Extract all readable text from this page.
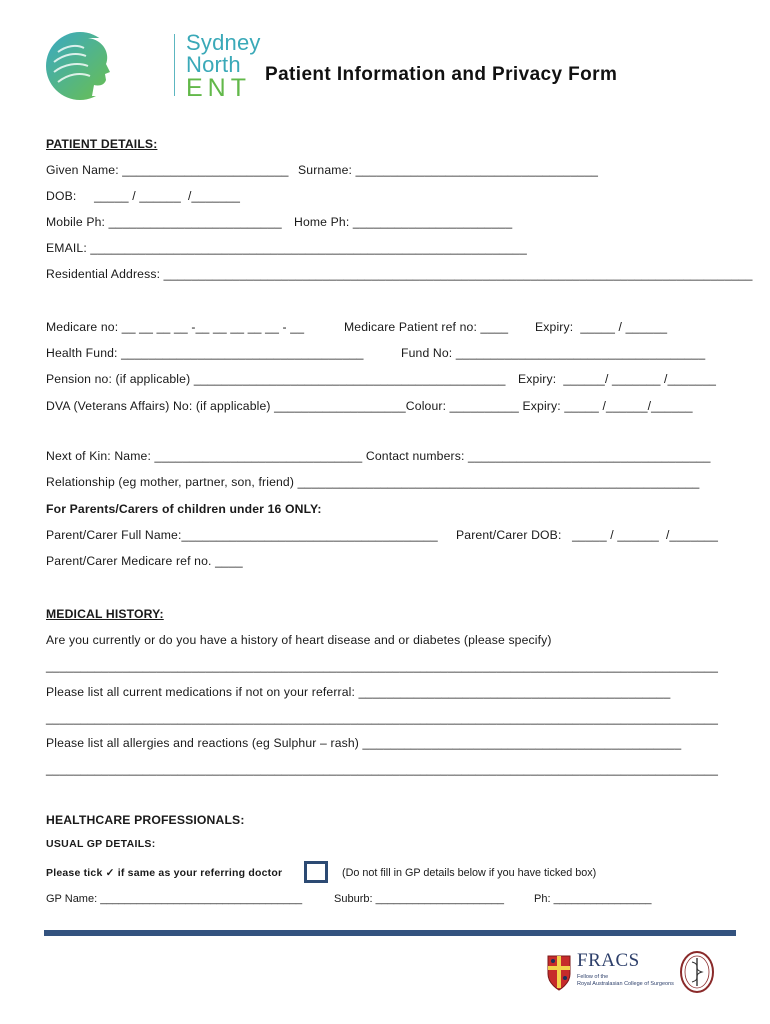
Sydney
North
ENT Patient Information and Privacy Form
PATIENT DETAILS:
Given Name: ________________________ Surname: ___________________________________
DOB:     _____ / ______  /_______
Mobile Ph: _________________________ Home Ph: _______________________
EMAIL: _______________________________________________________________
Residential Address: _____________________________________________________________________________________
Medicare no: __ __ __ __ -__ __ __ __ __ - __	Medicare Patient ref no: ____ Expiry:  _____ / ______
Health Fund: ___________________________________	Fund No: ____________________________________
Pension no: (if applicable) _____________________________________________ Expiry:  ______/ _______ /_______
DVA (Veterans Affairs) No: (if applicable) ___________________Colour: __________ Expiry: _____ /______/______
Next of Kin: Name: ______________________________ Contact numbers: ___________________________________
Relationship (eg mother, partner, son, friend) __________________________________________________________
For Parents/Carers of children under 16 ONLY:
Parent/Carer Full Name:_____________________________________ Parent/Carer DOB:   _____ / ______  /_______
Parent/Carer Medicare ref no. ____
MEDICAL HISTORY:
Are you currently or do you have a history of heart disease and or diabetes (please specify)
_________________________________________________________________________________________________
Please list all current medications if not on your referral: _____________________________________________
_________________________________________________________________________________________________
Please list all allergies and reactions (eg Sulphur – rash) ______________________________________________
_________________________________________________________________________________________________
HEALTHCARE PROFESSIONALS:
USUAL GP DETAILS:
Please tick ✓ if same as your referring doctor	(Do not fill in GP details below if you have ticked box)
GP Name: _________________________________	Suburb: _____________________	Ph: ________________
FRACS
Fellow of the
Royal Australasian College of Surgeons
